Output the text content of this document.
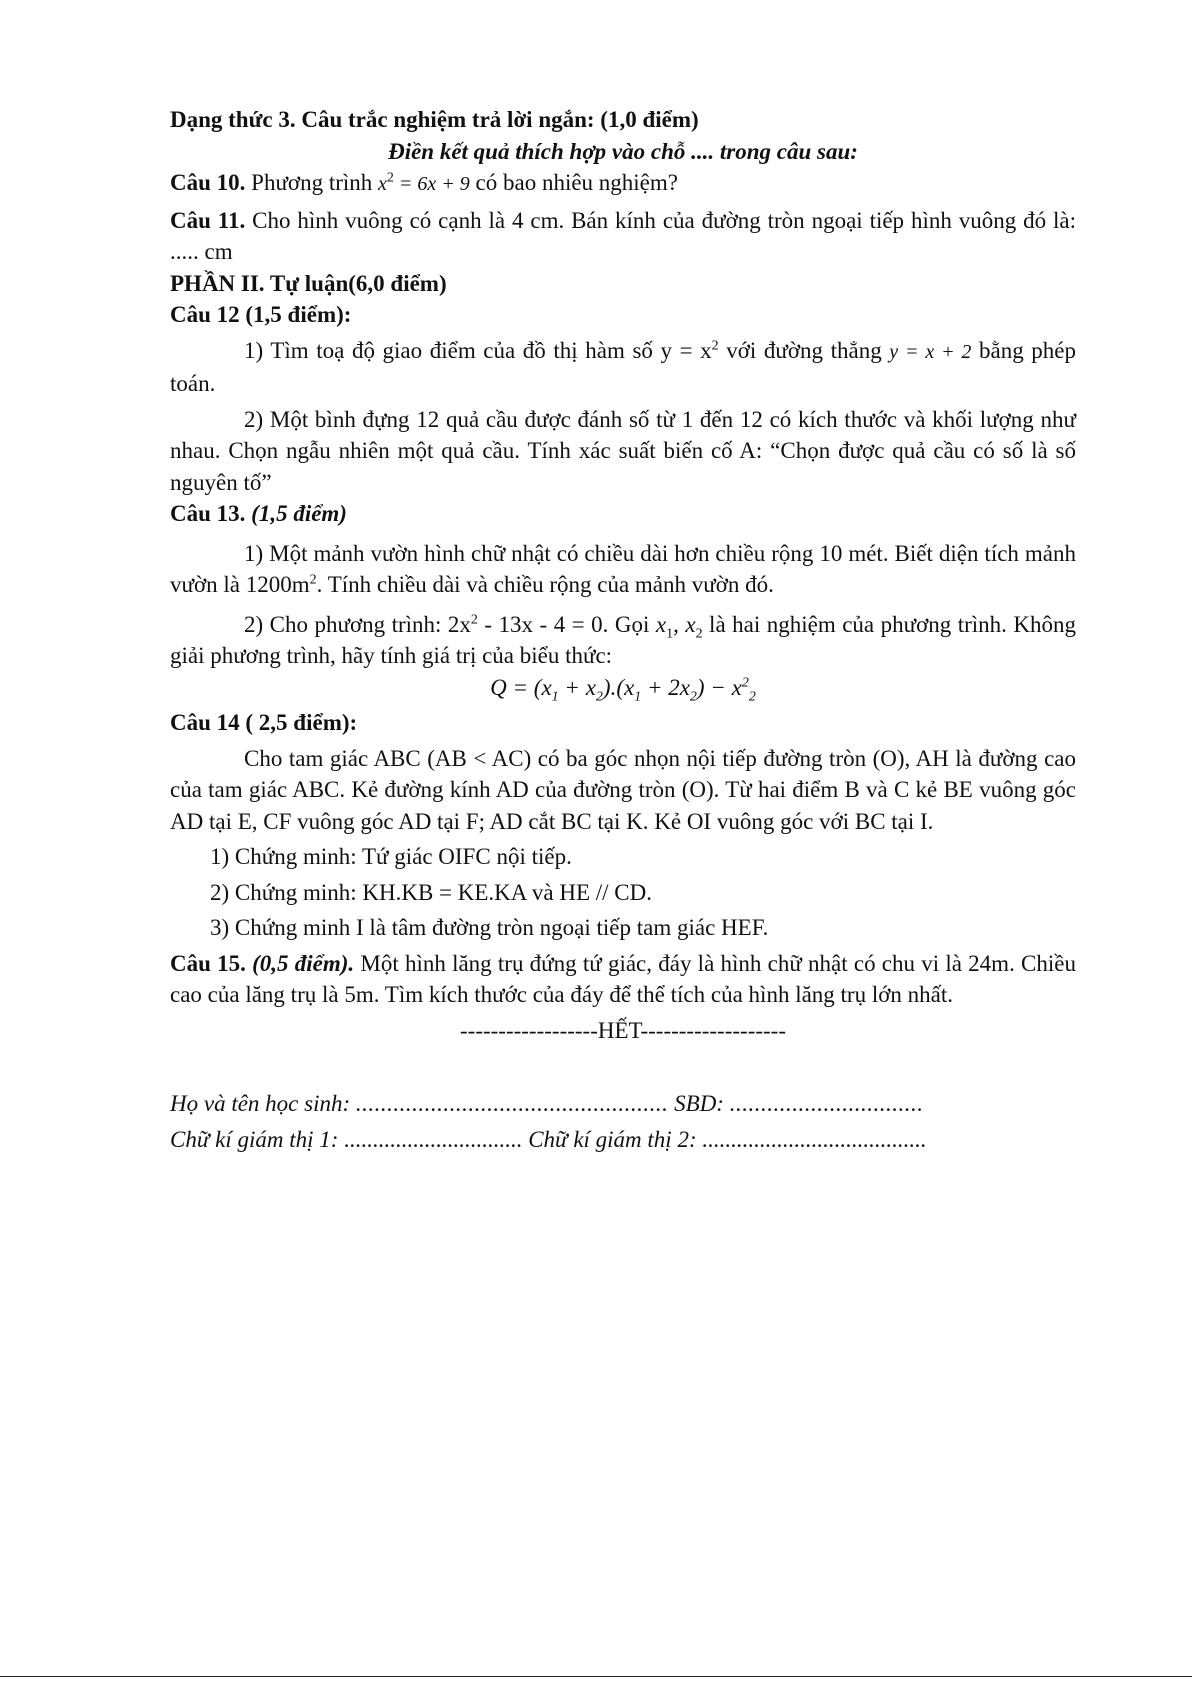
Dạng thức 3. Câu trắc nghiệm trả lời ngắn: (1,0 điểm)

Điền kết quả thích hợp vào chỗ .... trong câu sau:

Câu 10. Phương trình $x^2 = 6x + 9$ có bao nhiêu nghiệm?

Câu 11. Cho hình vuông có cạnh là 4 cm. Bán kính của đường tròn ngoại tiếp hình vuông đó là: ..... cm

PHẦN II. Tự luận(6,0 điểm)

Câu 12 (1,5 điểm):

1) Tìm toạ độ giao điểm của đồ thị hàm số $y = x^2$ với đường thẳng y = x + 2 bằng phép toán.

2) Một bình đựng 12 quả cầu được đánh số từ 1 đến 12 có kích thước và khối lượng như nhau. Chọn ngẫu nhiên một quả cầu. Tính xác suất biến cố A: “Chọn được quả cầu có số là số nguyên tố”

Câu 13. (1,5 điểm)

1) Một mảnh vườn hình chữ nhật có chiều dài hơn chiều rộng 10 mét. Biết diện tích mảnh vườn là $1200m^2$. Tính chiều dài và chiều rộng của mảnh vườn đó.

2) Cho phương trình: $2x^2 - 13x - 4 = 0$. Gọi $x_1$, $x_2$ là hai nghiệm của phương trình. Không giải phương trình, hãy tính giá trị của biểu thức:

$Q = (x_1 + x_2).(x_1 + 2x_2) - x^2_2$

Câu 14 ( 2,5 điểm):

Cho tam giác ABC (AB < AC) có ba góc nhọn nội tiếp đường tròn (O), AH là đường cao của tam giác ABC. Kẻ đường kính AD của đường tròn (O). Từ hai điểm B và C kẻ BE vuông góc AD tại E, CF vuông góc AD tại F; AD cắt BC tại K. Kẻ OI vuông góc với BC tại I.

1) Chứng minh: Tứ giác OIFC nội tiếp.

2) Chứng minh: KH.KB = KE.KA và HE // CD.

3) Chứng minh I là tâm đường tròn ngoại tiếp tam giác HEF.

Câu 15. (0,5 điểm). Một hình lăng trụ đứng tứ giác, đáy là hình chữ nhật có chu vi là 24m. Chiều cao của lăng trụ là 5m. Tìm kích thước của đáy để thể tích của hình lăng trụ lớn nhất.

------------------HẾT-------------------

Họ và tên học sinh: .................................................. SBD: ...............................

Chữ kí giám thị 1: ............................... Chữ kí giám thị 2: .......................................
